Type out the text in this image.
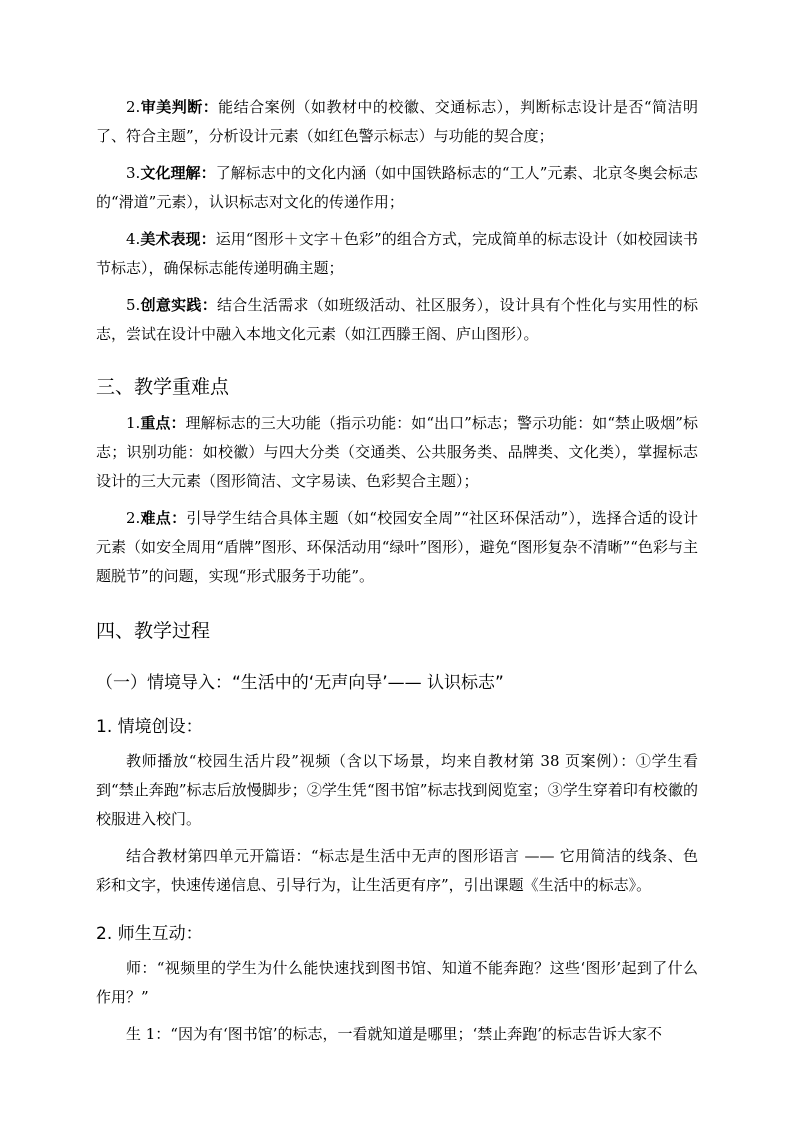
2.审美判断：能结合案例（如教材中的校徽、交通标志），判断标志设计是否“简洁明了、符合主题”，分析设计元素（如红色警示标志）与功能的契合度；

3.文化理解：了解标志中的文化内涵（如中国铁路标志的“工人”元素、北京冬奥会标志的“滑道”元素），认识标志对文化的传递作用；

4.美术表现：运用“图形＋文字＋色彩”的组合方式，完成简单的标志设计（如校园读书节标志），确保标志能传递明确主题；

5.创意实践：结合生活需求（如班级活动、社区服务），设计具有个性化与实用性的标志，尝试在设计中融入本地文化元素（如江西滕王阁、庐山图形）。

三、教学重难点

1.重点：理解标志的三大功能（指示功能：如“出口”标志；警示功能：如“禁止吸烟”标志；识别功能：如校徽）与四大分类（交通类、公共服务类、品牌类、文化类），掌握标志设计的三大元素（图形简洁、文字易读、色彩契合主题）；

2.难点：引导学生结合具体主题（如“校园安全周”“社区环保活动”），选择合适的设计元素（如安全周用“盾牌”图形、环保活动用“绿叶”图形），避免“图形复杂不清晰”“色彩与主题脱节”的问题，实现“形式服务于功能”。

四、教学过程
（一）情境导入：“生活中的‘无声向导’—— 认识标志”
1. 情境创设：

教师播放“校园生活片段”视频（含以下场景，均来自教材第 38 页案例）：①学生看到“禁止奔跑”标志后放慢脚步；②学生凭“图书馆”标志找到阅览室；③学生穿着印有校徽的校服进入校门。

结合教材第四单元开篇语：“标志是生活中无声的图形语言 —— 它用简洁的线条、色彩和文字，快速传递信息、引导行为，让生活更有序”，引出课题《生活中的标志》。

2. 师生互动：

师：“视频里的学生为什么能快速找到图书馆、知道不能奔跑？这些‘图形’起到了什么作用？”

生 1：“因为有‘图书馆’的标志，一看就知道是哪里；‘禁止奔跑’的标志告诉大家不
